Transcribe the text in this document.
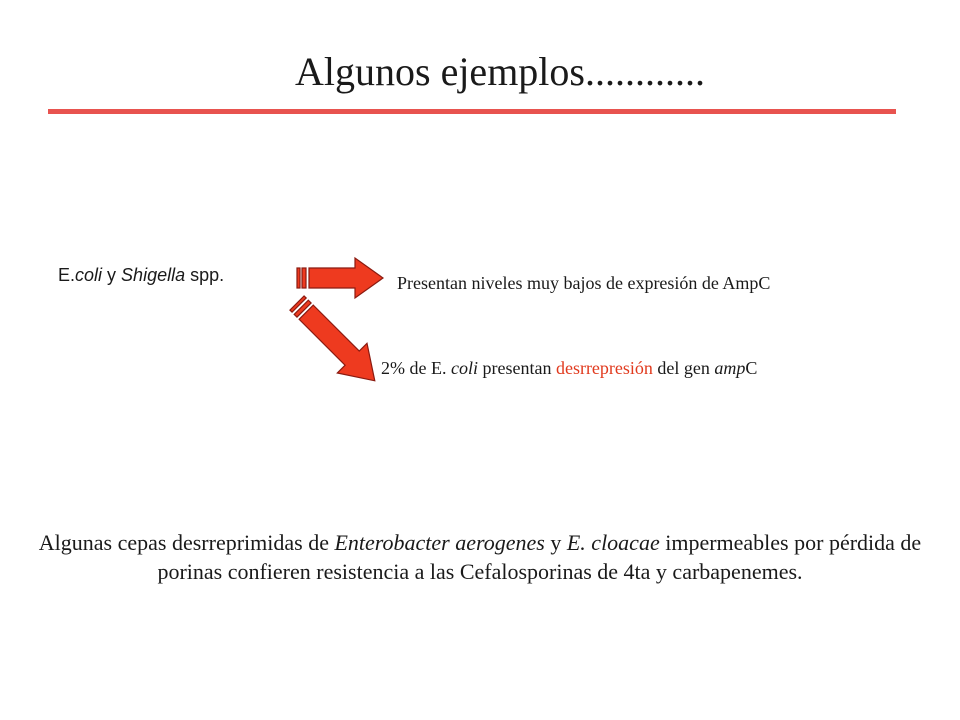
Algunos ejemplos............
E.coli y Shigella spp.	Presentan niveles muy bajos de expresión de AmpC
2% de E. coli presentan desrrepresión del gen ampC
Algunas cepas desrreprimidas de Enterobacter aerogenes y E. cloacae impermeables por pérdida de porinas confieren resistencia a las Cefalosporinas de 4ta y carbapenemes.
